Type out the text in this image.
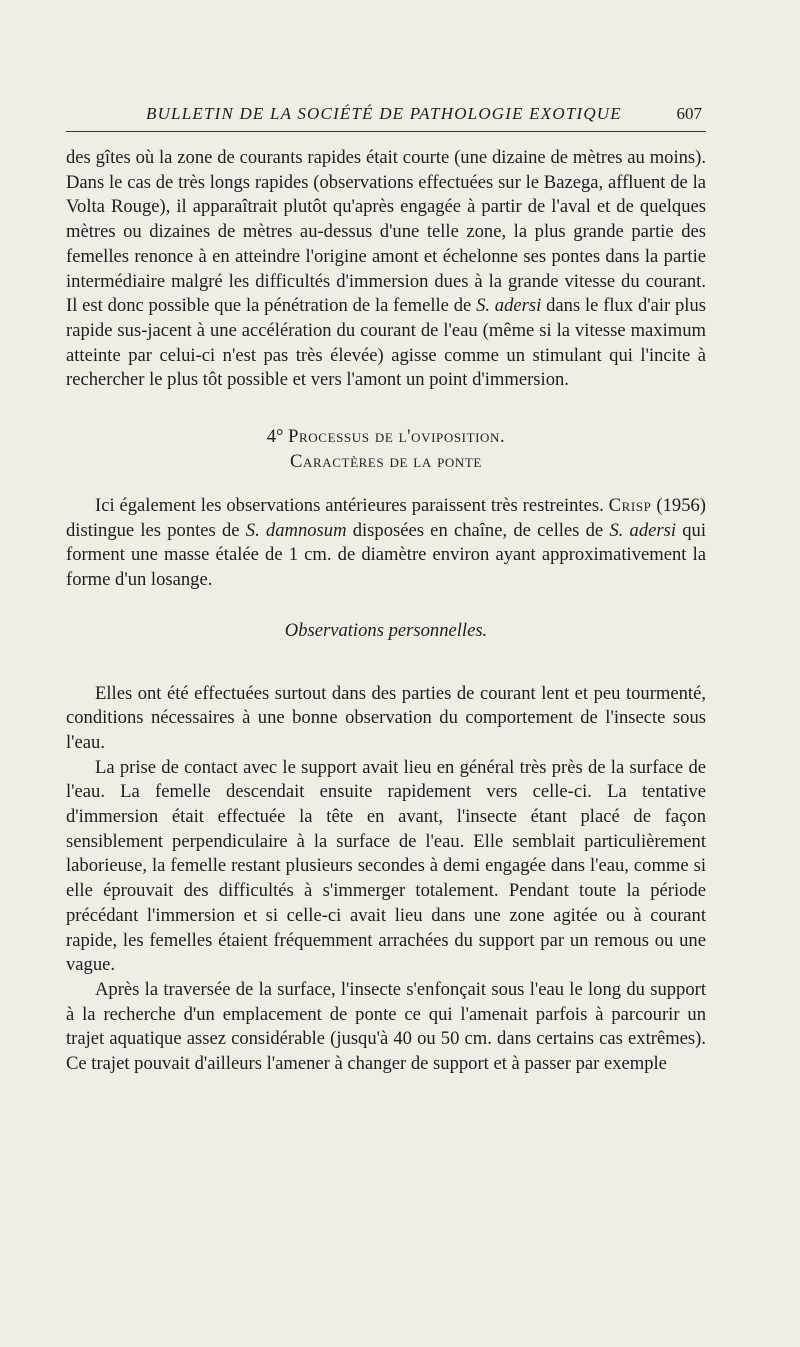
BULLETIN DE LA SOCIÉTÉ DE PATHOLOGIE EXOTIQUE	607

des gîtes où la zone de courants rapides était courte (une dizaine de mètres au moins). Dans le cas de très longs rapides (observations effectuées sur le Bazega, affluent de la Volta Rouge), il apparaîtrait plutôt qu'après engagée à partir de l'aval et de quelques mètres ou dizaines de mètres au-dessus d'une telle zone, la plus grande partie des femelles renonce à en atteindre l'origine amont et échelonne ses pontes dans la partie intermédiaire malgré les difficultés d'immersion dues à la grande vitesse du courant. Il est donc possible que la pénétration de la femelle de S. adersi dans le flux d'air plus rapide sus-jacent à une accélération du courant de l'eau (même si la vitesse maximum atteinte par celui-ci n'est pas très élevée) agisse comme un stimulant qui l'incite à rechercher le plus tôt possible et vers l'amont un point d'immersion.

4° Processus de l'oviposition.
Caractères de la ponte

Ici également les observations antérieures paraissent très restreintes. Crisp (1956) distingue les pontes de S. damnosum disposées en chaîne, de celles de S. adersi qui forment une masse étalée de 1 cm. de diamètre environ ayant approximativement la forme d'un losange.

Observations personnelles.

Elles ont été effectuées surtout dans des parties de courant lent et peu tourmenté, conditions nécessaires à une bonne observation du comportement de l'insecte sous l'eau.

La prise de contact avec le support avait lieu en général très près de la surface de l'eau. La femelle descendait ensuite rapidement vers celle-ci. La tentative d'immersion était effectuée la tête en avant, l'insecte étant placé de façon sensiblement perpendiculaire à la surface de l'eau. Elle semblait particulièrement laborieuse, la femelle restant plusieurs secondes à demi engagée dans l'eau, comme si elle éprouvait des difficultés à s'immerger totalement. Pendant toute la période précédant l'immersion et si celle-ci avait lieu dans une zone agitée ou à courant rapide, les femelles étaient fréquemment arrachées du support par un remous ou une vague.

Après la traversée de la surface, l'insecte s'enfonçait sous l'eau le long du support à la recherche d'un emplacement de ponte ce qui l'amenait parfois à parcourir un trajet aquatique assez considérable (jusqu'à 40 ou 50 cm. dans certains cas extrêmes). Ce trajet pouvait d'ailleurs l'amener à changer de support et à passer par exemple
